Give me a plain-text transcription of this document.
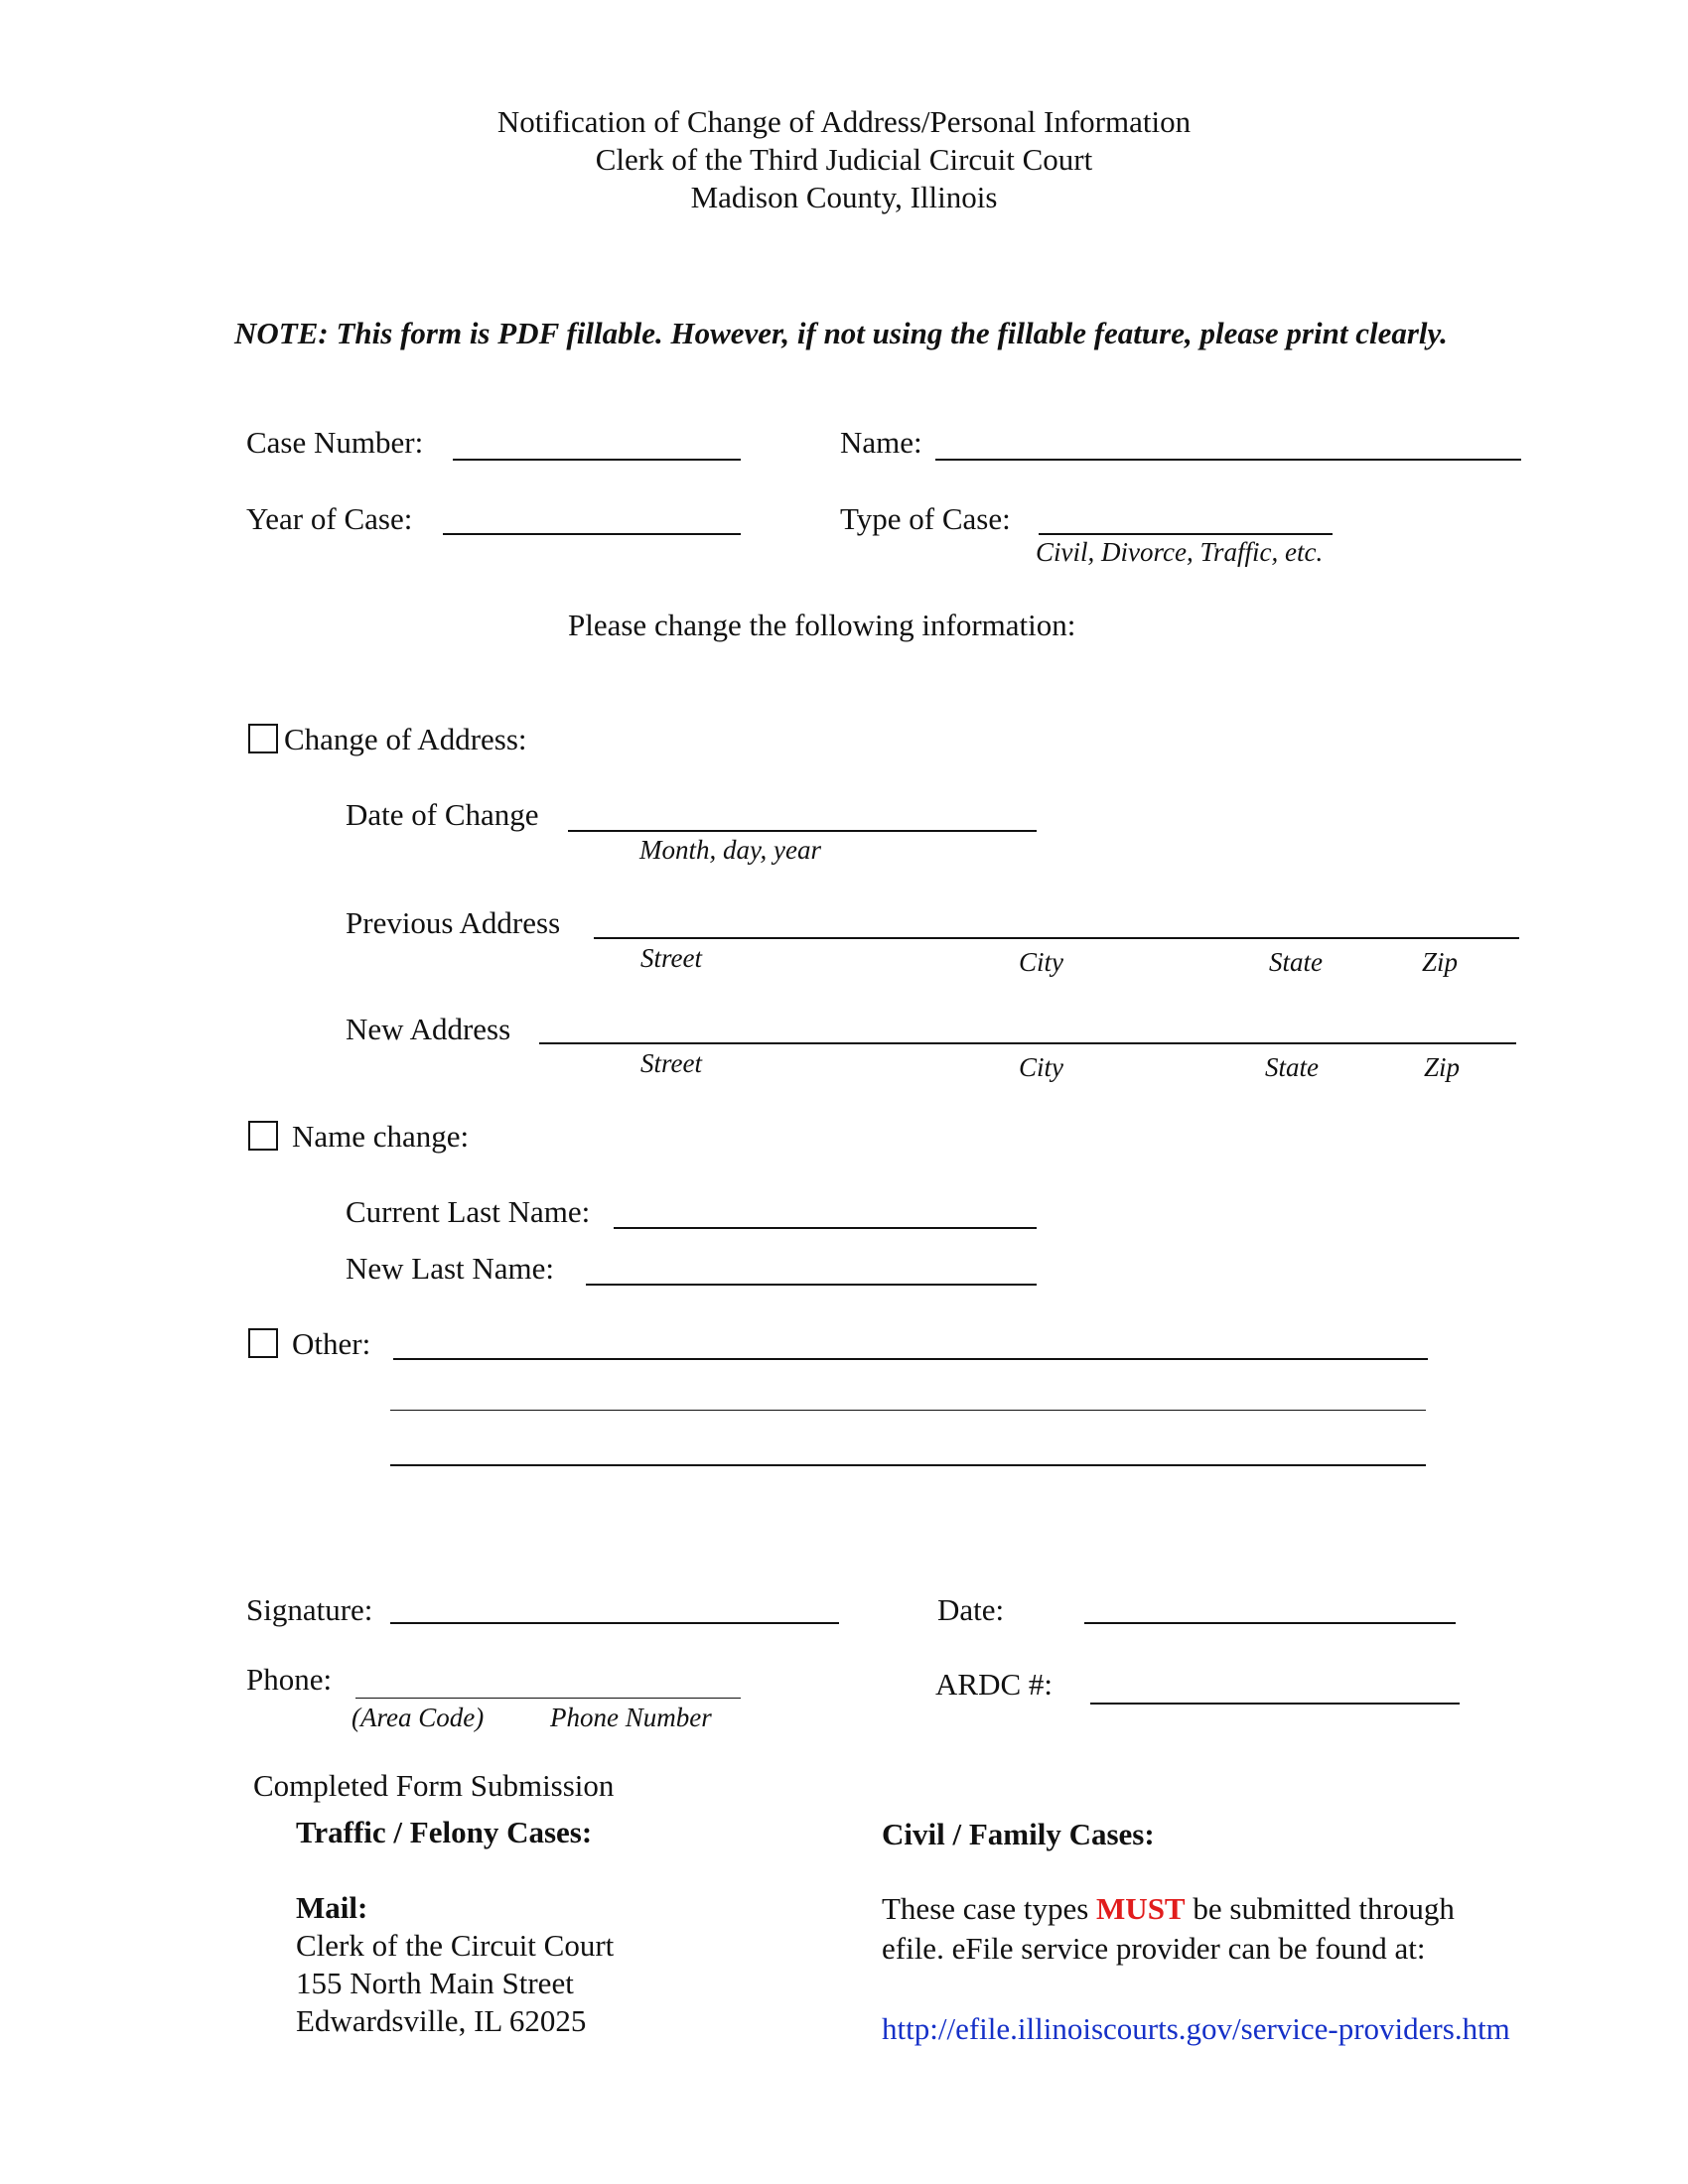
Notification of Change of Address/Personal Information
Clerk of the Third Judicial Circuit Court
Madison County, Illinois
NOTE: This form is PDF fillable. However, if not using the fillable feature, please print clearly.
Case Number:	Name:
Year of Case:	Type of Case:
Civil, Divorce, Traffic, etc.
Please change the following information:
Change of Address:
Date of Change
Month, day, year
Previous Address
Street	City	State	Zip
New Address
Street	City	State	Zip
Name change:
Current Last Name:
New Last Name:
Other:
Signature:	Date:
Phone:
(Area Code) Phone Number
ARDC #:
Completed Form Submission
Traffic / Felony Cases:
Mail:
Clerk of the Circuit Court
155 North Main Street
Edwardsville, IL 62025
Civil / Family Cases:
These case types MUST be submitted through
efile. eFile service provider can be found at:
http://efile.illinoiscourts.gov/service-providers.htm
